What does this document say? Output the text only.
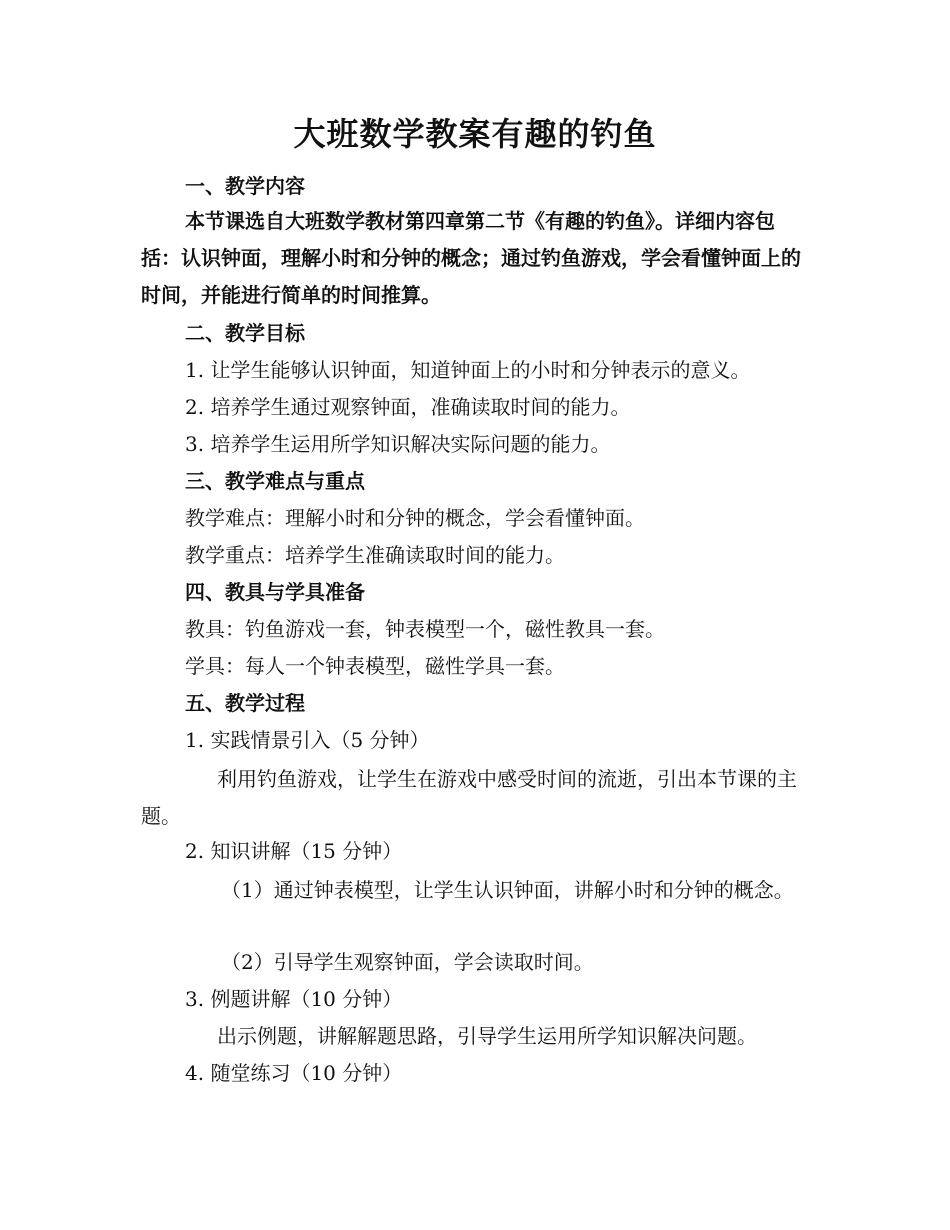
大班数学教案有趣的钓鱼
一、教学内容
本节课选自大班数学教材第四章第二节《有趣的钓鱼》。详细内容包括：认识钟面，理解小时和分钟的概念；通过钓鱼游戏，学会看懂钟面上的时间，并能进行简单的时间推算。
二、教学目标
1. 让学生能够认识钟面，知道钟面上的小时和分钟表示的意义。
2. 培养学生通过观察钟面，准确读取时间的能力。
3. 培养学生运用所学知识解决实际问题的能力。
三、教学难点与重点
教学难点：理解小时和分钟的概念，学会看懂钟面。
教学重点：培养学生准确读取时间的能力。
四、教具与学具准备
教具：钓鱼游戏一套，钟表模型一个，磁性教具一套。
学具：每人一个钟表模型，磁性学具一套。
五、教学过程
1. 实践情景引入（5 分钟）
利用钓鱼游戏，让学生在游戏中感受时间的流逝，引出本节课的主题。
2. 知识讲解（15 分钟）
（1）通过钟表模型，让学生认识钟面，讲解小时和分钟的概念。
（2）引导学生观察钟面，学会读取时间。
3. 例题讲解（10 分钟）
出示例题，讲解解题思路，引导学生运用所学知识解决问题。
4. 随堂练习（10 分钟）
